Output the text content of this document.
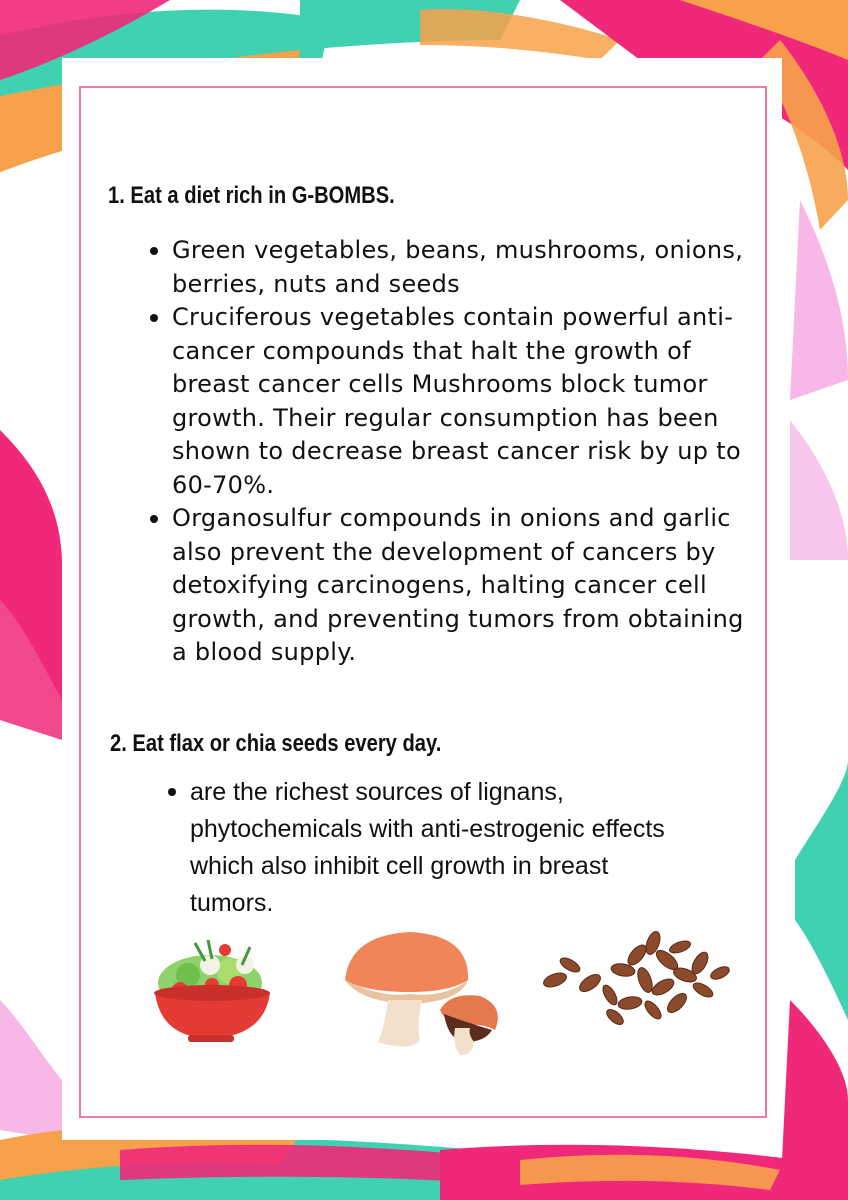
1. Eat a diet rich in G-BOMBS.
Green vegetables, beans, mushrooms, onions, berries, nuts and seeds
Cruciferous vegetables contain powerful anti-cancer compounds that halt the growth of breast cancer cells Mushrooms block tumor growth. Their regular consumption has been shown to decrease breast cancer risk by up to 60-70%.
Organosulfur compounds in onions and garlic also prevent the development of cancers by detoxifying carcinogens, halting cancer cell growth, and preventing tumors from obtaining a blood supply.
2. Eat flax or chia seeds every day.
are the richest sources of lignans, phytochemicals with anti-estrogenic effects which also inhibit cell growth in breast tumors.
